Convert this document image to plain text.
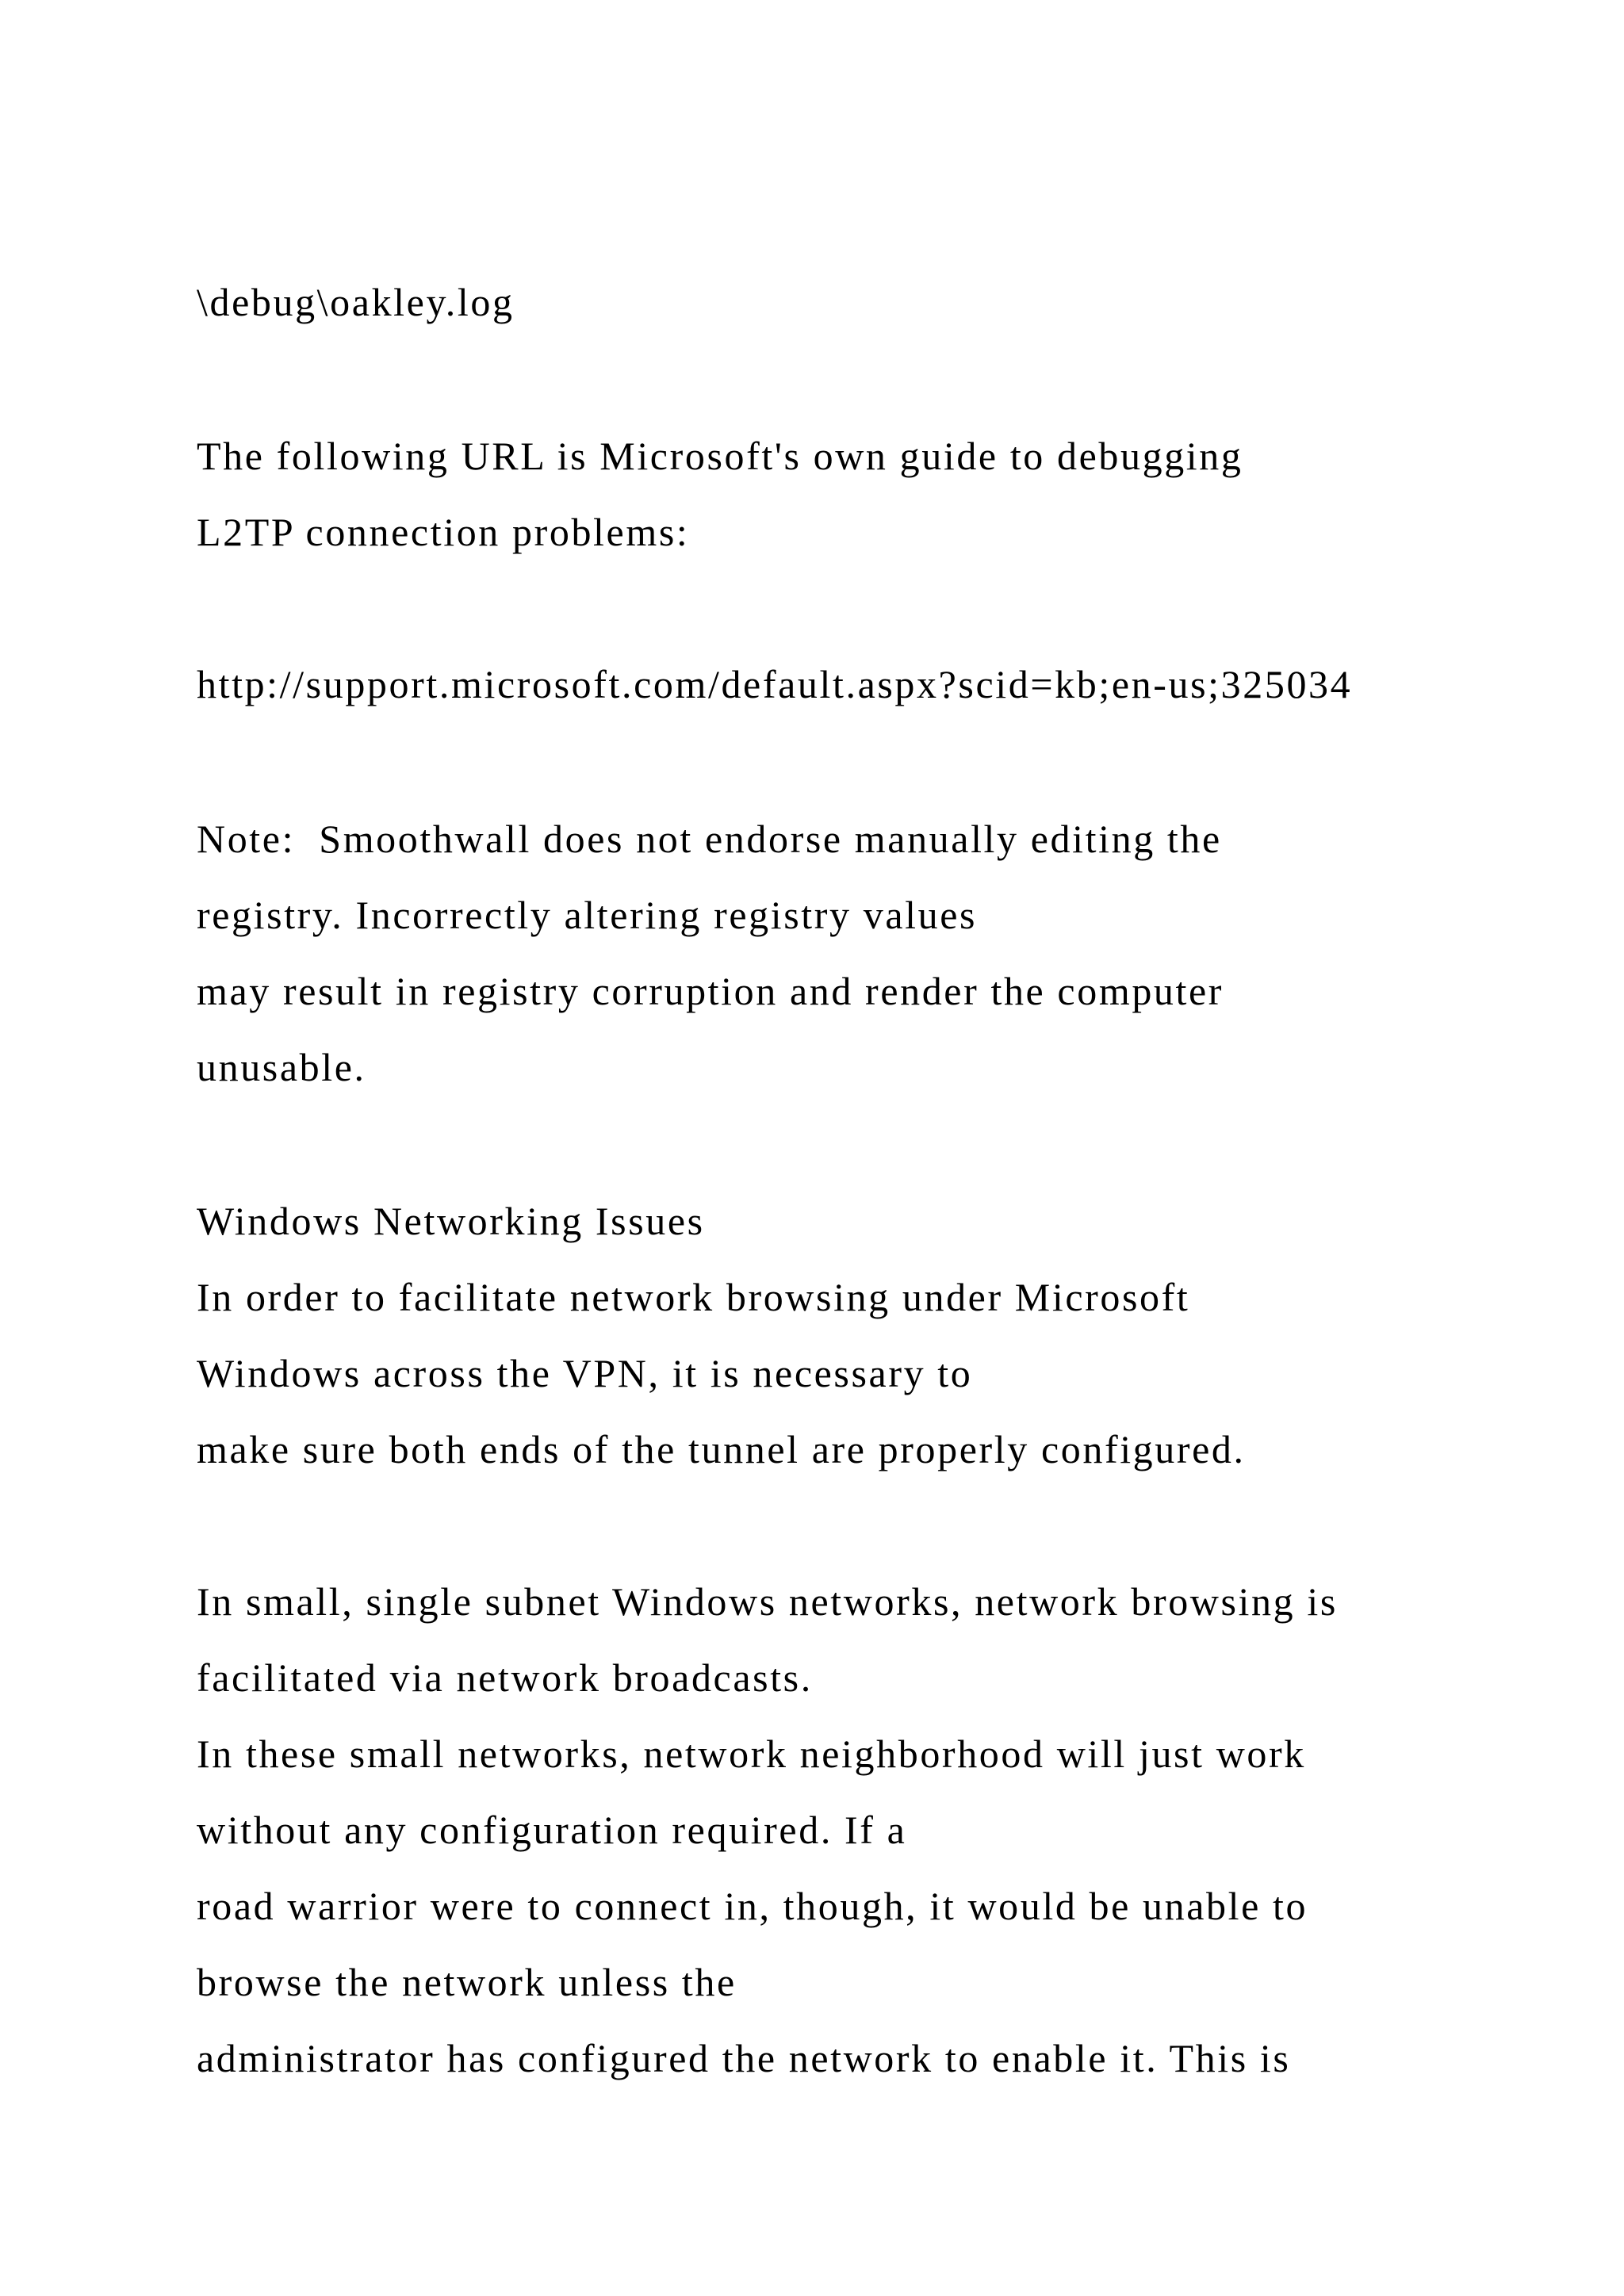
\debug\oakley.log

The following URL is Microsoft's own guide to debugging

L2TP connection problems:

http://support.microsoft.com/default.aspx?scid=kb;en-us;325034

Note:  Smoothwall does not endorse manually editing the

registry. Incorrectly altering registry values

may result in registry corruption and render the computer

unusable.

Windows Networking Issues

In order to facilitate network browsing under Microsoft

Windows across the VPN, it is necessary to

make sure both ends of the tunnel are properly configured.

In small, single subnet Windows networks, network browsing is

facilitated via network broadcasts.

In these small networks, network neighborhood will just work

without any configuration required. If a

road warrior were to connect in, though, it would be unable to

browse the network unless the

administrator has configured the network to enable it. This is
